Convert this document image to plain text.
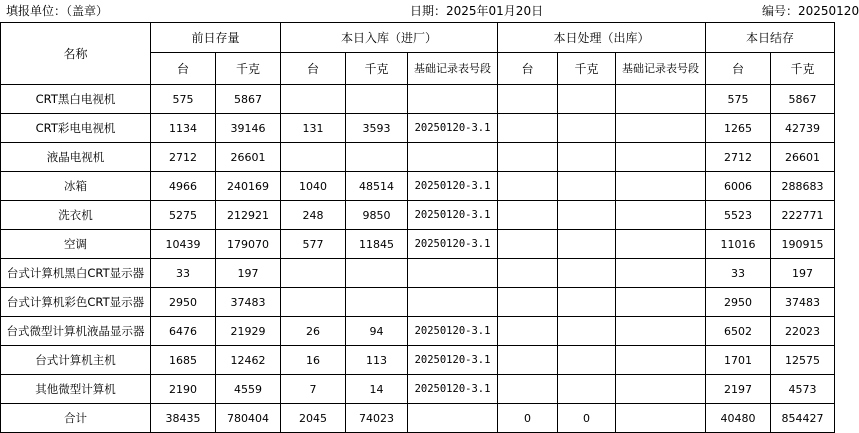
填报单位：（盖章）	日期：2025年01月20日	编号：20250120
名称	前日存量		本日入库（进厂）			本日处理（出库）			本日结存	
	台	千克	台	千克	基础记录表号段	台	千克	基础记录表号段	台	千克
CRT黑白电视机	575	5867							575	5867
CRT彩电电视机	1134	39146	131	3593	20250120-3.1				1265	42739
液晶电视机	2712	26601							2712	26601
冰箱	4966	240169	1040	48514	20250120-3.1				6006	288683
洗衣机	5275	212921	248	9850	20250120-3.1				5523	222771
空调	10439	179070	577	11845	20250120-3.1				11016	190915
台式计算机黑白CRT显示器	33	197							33	197
台式计算机彩色CRT显示器	2950	37483							2950	37483
台式微型计算机液晶显示器	6476	21929	26	94	20250120-3.1				6502	22023
台式计算机主机	1685	12462	16	113	20250120-3.1				1701	12575
其他微型计算机	2190	4559	7	14	20250120-3.1				2197	4573
合计	38435	780404	2045	74023		0	0		40480	854427
